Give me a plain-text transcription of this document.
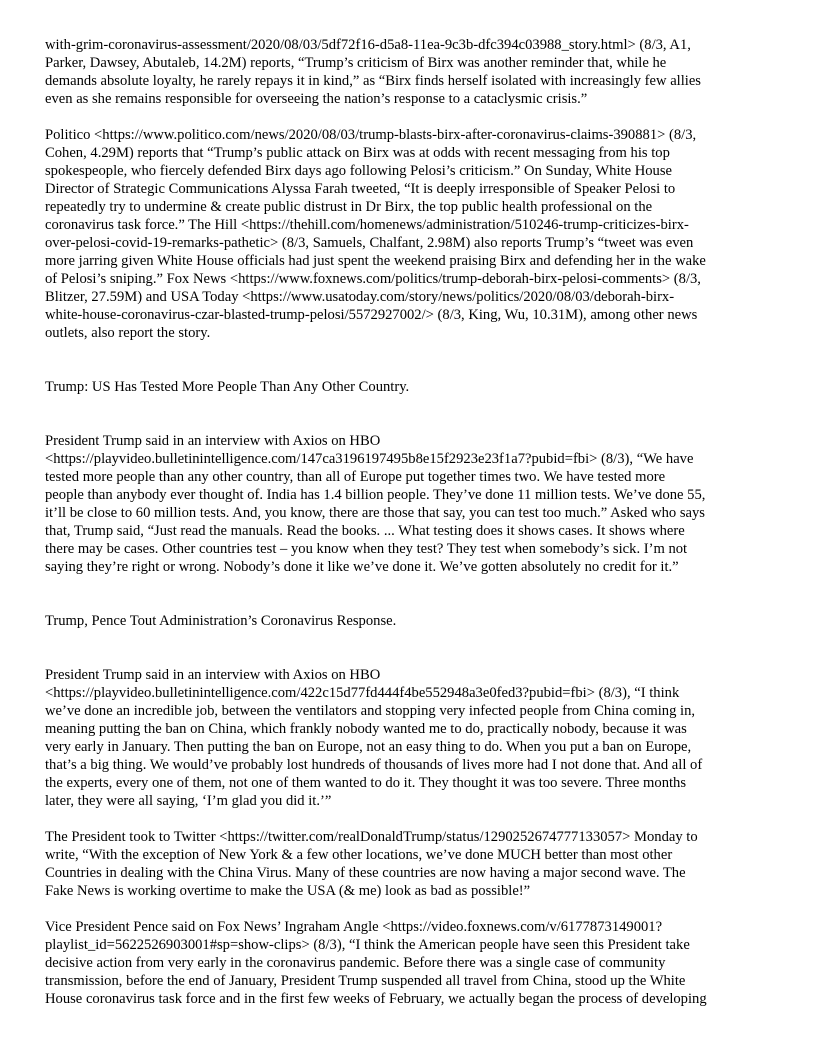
with-grim-coronavirus-assessment/2020/08/03/5df72f16-d5a8-11ea-9c3b-dfc394c03988_story.html> (8/3, A1,
Parker, Dawsey, Abutaleb, 14.2M) reports, “Trump’s criticism of Birx was another reminder that, while he
demands absolute loyalty, he rarely repays it in kind,” as “Birx finds herself isolated with increasingly few allies
even as she remains responsible for overseeing the nation’s response to a cataclysmic crisis.”
Politico <https://www.politico.com/news/2020/08/03/trump-blasts-birx-after-coronavirus-claims-390881> (8/3,
Cohen, 4.29M) reports that “Trump’s public attack on Birx was at odds with recent messaging from his top
spokespeople, who fiercely defended Birx days ago following Pelosi’s criticism.” On Sunday, White House
Director of Strategic Communications Alyssa Farah tweeted, “It is deeply irresponsible of Speaker Pelosi to
repeatedly try to undermine & create public distrust in Dr Birx, the top public health professional on the
coronavirus task force.” The Hill <https://thehill.com/homenews/administration/510246-trump-criticizes-birx-
over-pelosi-covid-19-remarks-pathetic> (8/3, Samuels, Chalfant, 2.98M) also reports Trump’s “tweet was even
more jarring given White House officials had just spent the weekend praising Birx and defending her in the wake
of Pelosi’s sniping.” Fox News <https://www.foxnews.com/politics/trump-deborah-birx-pelosi-comments> (8/3,
Blitzer, 27.59M) and USA Today <https://www.usatoday.com/story/news/politics/2020/08/03/deborah-birx-
white-house-coronavirus-czar-blasted-trump-pelosi/5572927002/> (8/3, King, Wu, 10.31M), among other news
outlets, also report the story.
Trump: US Has Tested More People Than Any Other Country.
President Trump said in an interview with Axios on HBO
<https://playvideo.bulletinintelligence.com/147ca3196197495b8e15f2923e23f1a7?pubid=fbi> (8/3), “We have
tested more people than any other country, than all of Europe put together times two. We have tested more
people than anybody ever thought of. India has 1.4 billion people. They’ve done 11 million tests. We’ve done 55,
it’ll be close to 60 million tests. And, you know, there are those that say, you can test too much.” Asked who says
that, Trump said, “Just read the manuals. Read the books. ... What testing does it shows cases. It shows where
there may be cases. Other countries test – you know when they test? They test when somebody’s sick. I’m not
saying they’re right or wrong. Nobody’s done it like we’ve done it. We’ve gotten absolutely no credit for it.”
Trump, Pence Tout Administration’s Coronavirus Response.
President Trump said in an interview with Axios on HBO
<https://playvideo.bulletinintelligence.com/422c15d77fd444f4be552948a3e0fed3?pubid=fbi> (8/3), “I think
we’ve done an incredible job, between the ventilators and stopping very infected people from China coming in,
meaning putting the ban on China, which frankly nobody wanted me to do, practically nobody, because it was
very early in January. Then putting the ban on Europe, not an easy thing to do. When you put a ban on Europe,
that’s a big thing. We would’ve probably lost hundreds of thousands of lives more had I not done that. And all of
the experts, every one of them, not one of them wanted to do it. They thought it was too severe. Three months
later, they were all saying, ‘I’m glad you did it.’”
The President took to Twitter <https://twitter.com/realDonaldTrump/status/1290252674777133057> Monday to
write, “With the exception of New York & a few other locations, we’ve done MUCH better than most other
Countries in dealing with the China Virus. Many of these countries are now having a major second wave. The
Fake News is working overtime to make the USA (& me) look as bad as possible!”
Vice President Pence said on Fox News’ Ingraham Angle <https://video.foxnews.com/v/6177873149001?
playlist_id=5622526903001#sp=show-clips> (8/3), “I think the American people have seen this President take
decisive action from very early in the coronavirus pandemic. Before there was a single case of community
transmission, before the end of January, President Trump suspended all travel from China, stood up the White
House coronavirus task force and in the first few weeks of February, we actually began the process of developing
